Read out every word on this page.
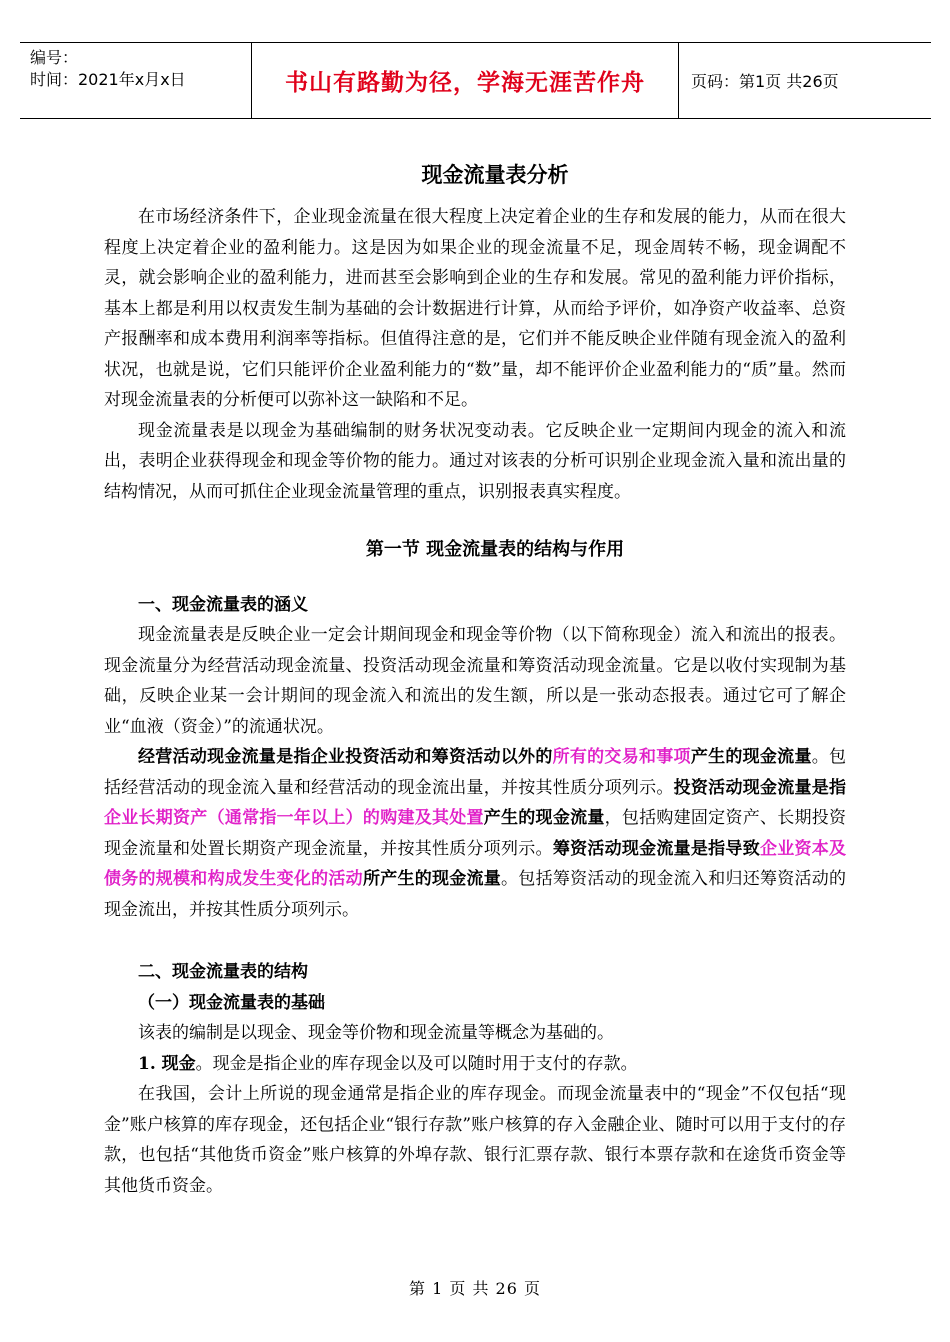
编号：
时间：2021年x月x日	书山有路勤为径，学海无涯苦作舟	页码：第1页 共26页
现金流量表分析

在市场经济条件下，企业现金流量在很大程度上决定着企业的生存和发展的能力，从而在很大程度上决定着企业的盈利能力。这是因为如果企业的现金流量不足，现金周转不畅，现金调配不灵，就会影响企业的盈利能力，进而甚至会影响到企业的生存和发展。常见的盈利能力评价指标，基本上都是利用以权责发生制为基础的会计数据进行计算，从而给予评价，如净资产收益率、总资产报酬率和成本费用利润率等指标。但值得注意的是，它们并不能反映企业伴随有现金流入的盈利状况，也就是说，它们只能评价企业盈利能力的“数”量，却不能评价企业盈利能力的“质”量。然而对现金流量表的分析便可以弥补这一缺陷和不足。

现金流量表是以现金为基础编制的财务状况变动表。它反映企业一定期间内现金的流入和流出，表明企业获得现金和现金等价物的能力。通过对该表的分析可识别企业现金流入量和流出量的结构情况，从而可抓住企业现金流量管理的重点，识别报表真实程度。

第一节 现金流量表的结构与作用

一、现金流量表的涵义

现金流量表是反映企业一定会计期间现金和现金等价物（以下简称现金）流入和流出的报表。现金流量分为经营活动现金流量、投资活动现金流量和筹资活动现金流量。它是以收付实现制为基础，反映企业某一会计期间的现金流入和流出的发生额，所以是一张动态报表。通过它可了解企业“血液（资金）”的流通状况。

经营活动现金流量是指企业投资活动和筹资活动以外的所有的交易和事项产生的现金流量。包括经营活动的现金流入量和经营活动的现金流出量，并按其性质分项列示。投资活动现金流量是指企业长期资产（通常指一年以上）的购建及其处置产生的现金流量，包括购建固定资产、长期投资现金流量和处置长期资产现金流量，并按其性质分项列示。筹资活动现金流量是指导致企业资本及债务的规模和构成发生变化的活动所产生的现金流量。包括筹资活动的现金流入和归还筹资活动的现金流出，并按其性质分项列示。

二、现金流量表的结构

（一）现金流量表的基础

该表的编制是以现金、现金等价物和现金流量等概念为基础的。

1. 现金。现金是指企业的库存现金以及可以随时用于支付的存款。

在我国，会计上所说的现金通常是指企业的库存现金。而现金流量表中的“现金”不仅包括“现金”账户核算的库存现金，还包括企业“银行存款”账户核算的存入金融企业、随时可以用于支付的存款，也包括“其他货币资金”账户核算的外埠存款、银行汇票存款、银行本票存款和在途货币资金等其他货币资金。

第 1 页 共 26 页
